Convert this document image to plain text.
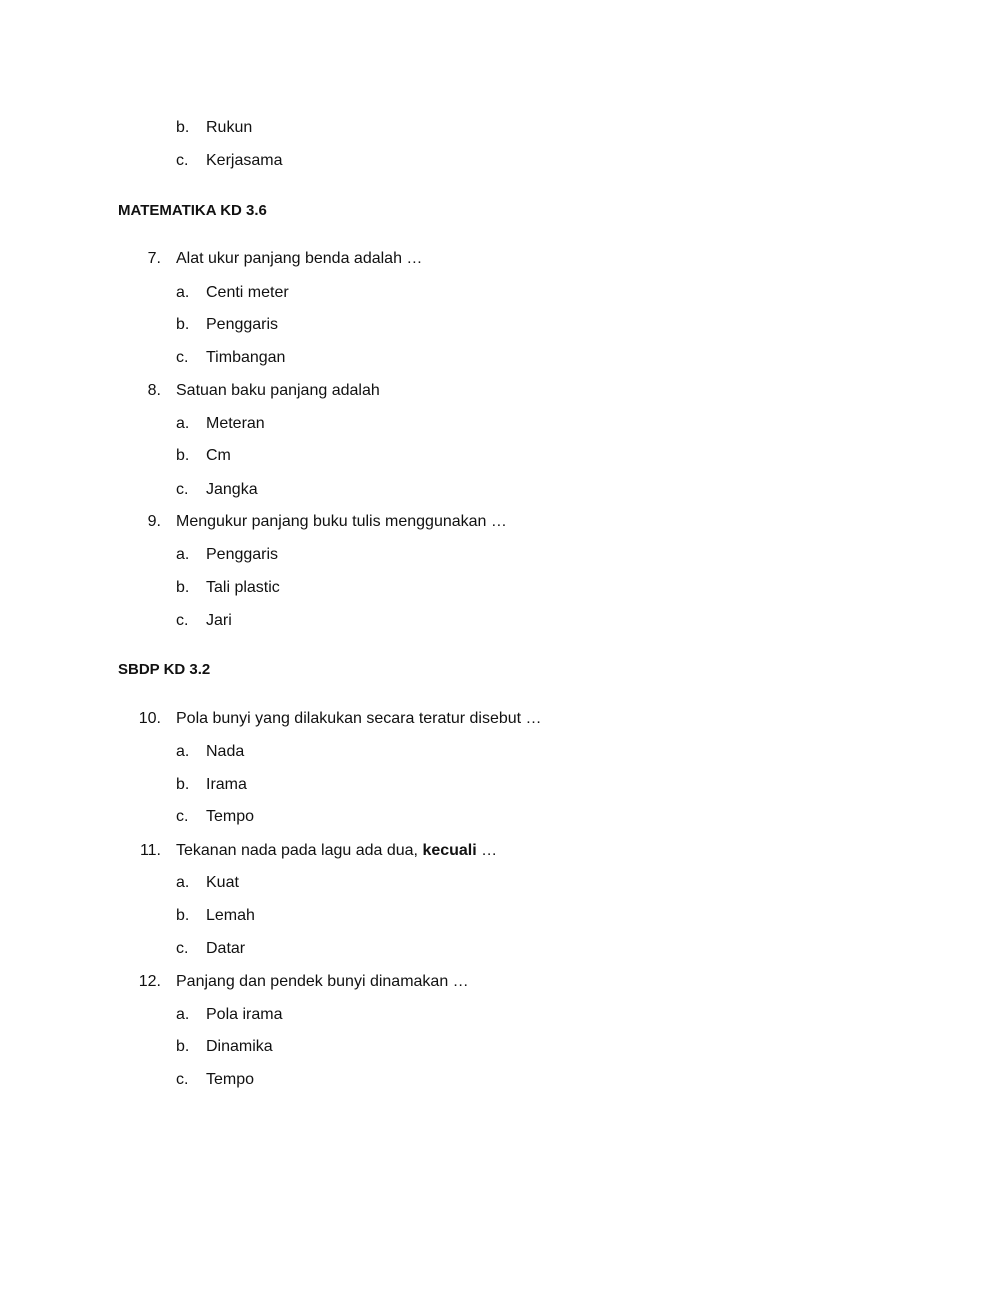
b. Rukun
c. Kerjasama
MATEMATIKA KD 3.6
7. Alat ukur panjang benda adalah …
a. Centi meter
b. Penggaris
c. Timbangan
8. Satuan baku panjang adalah
a. Meteran
b. Cm
c. Jangka
9. Mengukur panjang buku tulis menggunakan …
a. Penggaris
b. Tali plastic
c. Jari
SBDP KD 3.2
10. Pola bunyi yang dilakukan secara teratur disebut …
a. Nada
b. Irama
c. Tempo
11. Tekanan nada pada lagu ada dua, kecuali …
a. Kuat
b. Lemah
c. Datar
12. Panjang dan pendek bunyi dinamakan …
a. Pola irama
b. Dinamika
c. Tempo
